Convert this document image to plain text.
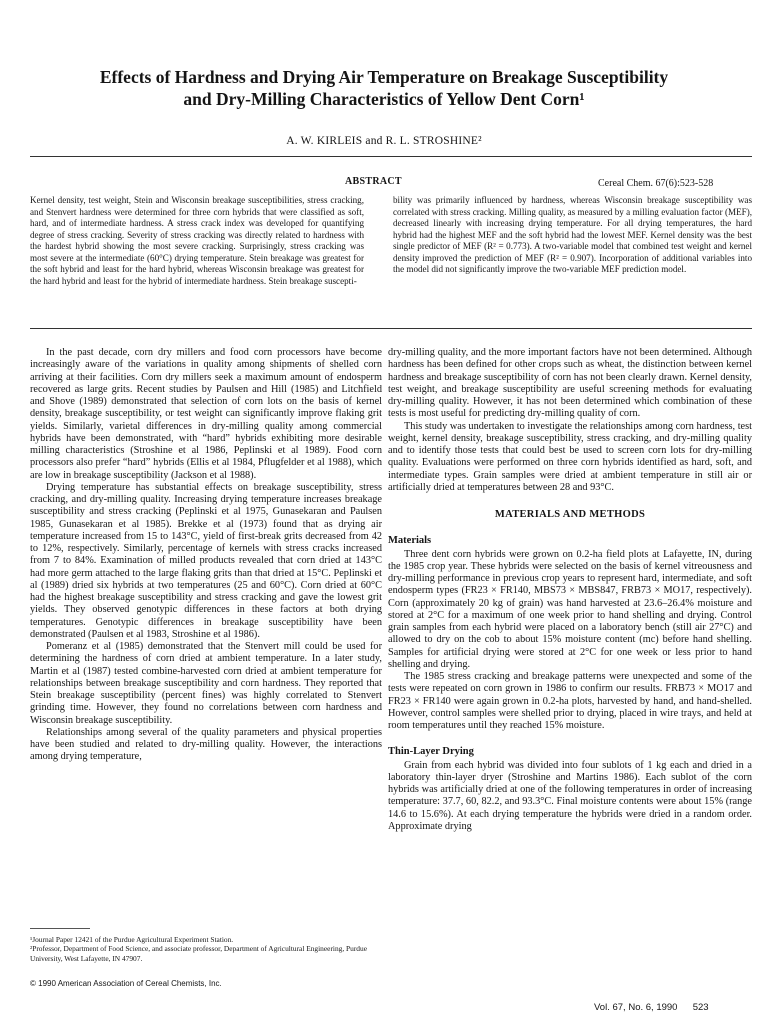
Effects of Hardness and Drying Air Temperature on Breakage Susceptibility
and Dry-Milling Characteristics of Yellow Dent Corn¹
A. W. KIRLEIS and R. L. STROSHINE²
ABSTRACT	Cereal Chem. 67(6):523-528
Kernel density, test weight, Stein and Wisconsin breakage susceptibilities, stress cracking, and Stenvert hardness were determined for three corn hybrids that were classified as soft, hard, and of intermediate hardness. A stress crack index was developed for quantifying degree of stress cracking. Severity of stress cracking was directly related to hardness with the hardest hybrid showing the most severe cracking. Surprisingly, stress cracking was most severe at the intermediate (60°C) drying temperature. Stein breakage was greatest for the soft hybrid and least for the hard hybrid, whereas Wisconsin breakage was greatest for the hard hybrid and least for the hybrid of intermediate hardness. Stein breakage suscepti-
bility was primarily influenced by hardness, whereas Wisconsin breakage susceptibility was correlated with stress cracking. Milling quality, as measured by a milling evaluation factor (MEF), decreased linearly with increasing drying temperature. For all drying temperatures, the hard hybrid had the highest MEF and the soft hybrid had the lowest MEF. Kernel density was the best single predictor of MEF (R² = 0.773). A two-variable model that combined test weight and kernel density improved the prediction of MEF (R² = 0.907). Incorporation of additional variables into the model did not significantly improve the two-variable MEF prediction model.

In the past decade, corn dry millers and food corn processors have become increasingly aware of the variations in quality among shipments of shelled corn arriving at their facilities. Corn dry millers seek a maximum amount of endosperm recovered as large grits. Recent studies by Paulsen and Hill (1985) and Litchfield and Shove (1989) demonstrated that selection of corn lots on the basis of kernel density, breakage susceptibility, or test weight can significantly improve flaking grit yields. Similarly, varietal differences in dry-milling quality among commercial hybrids have been demonstrated, with “hard” hybrids exhibiting more desirable milling characteristics (Stroshine et al 1986, Peplinski et al 1989). Food corn processors also prefer “hard” hybrids (Ellis et al 1984, Pflugfelder et al 1988), which are low in breakage susceptibility (Jackson et al 1988).

Drying temperature has substantial effects on breakage susceptibility, stress cracking, and dry-milling quality. Increasing drying temperature increases breakage susceptibility and stress cracking (Peplinski et al 1975, Gunasekaran and Paulsen 1985, Gunasekaran et al 1985). Brekke et al (1973) found that as drying air temperature increased from 15 to 143°C, yield of first-break grits decreased from 42 to 12%, respectively. Similarly, percentage of kernels with stress cracks increased from 7 to 84%. Examination of milled products revealed that corn dried at 143°C had more germ attached to the large flaking grits than that dried at 15°C. Peplinski et al (1989) dried six hybrids at two temperatures (25 and 60°C). Corn dried at 60°C had the highest breakage susceptibility and stress cracking and gave the lowest grit yields. They observed genotypic differences in these factors at both drying temperatures. Genotypic differences in breakage susceptibility have been demonstrated (Paulsen et al 1983, Stroshine et al 1986).

Pomeranz et al (1985) demonstrated that the Stenvert mill could be used for determining the hardness of corn dried at ambient temperature. In a later study, Martin et al (1987) tested combine-harvested corn dried at ambient temperature for relationships between breakage susceptibility and corn hardness. They reported that Stein breakage susceptibility (percent fines) was highly correlated to Stenvert grinding time. However, they found no correlations between corn hardness and Wisconsin breakage susceptibility.

Relationships among several of the quality parameters and physical properties have been studied and related to dry-milling quality. However, the interactions among drying temperature,

dry-milling quality, and the more important factors have not been determined. Although hardness has been defined for other crops such as wheat, the distinction between kernel hardness and breakage susceptibility of corn has not been clearly drawn. Kernel density, test weight, and breakage susceptibility are useful screening methods for evaluating dry-milling quality. However, it has not been determined which combination of these tests is most useful for predicting dry-milling quality of corn.

This study was undertaken to investigate the relationships among corn hardness, test weight, kernel density, breakage susceptibility, stress cracking, and dry-milling quality and to identify those tests that could best be used to screen corn lots for dry-milling quality. Evaluations were performed on three corn hybrids identified as hard, soft, and intermediate types. Grain samples were dried at ambient temperature in still air or artificially dried at temperatures between 28 and 93°C.

MATERIALS AND METHODS
Materials

Three dent corn hybrids were grown on 0.2-ha field plots at Lafayette, IN, during the 1985 crop year. These hybrids were selected on the basis of kernel vitreousness and dry-milling performance in previous crop years to represent hard, intermediate, and soft endosperm types (FR23 × FR140, MBS73 × MBS847, FRB73 × MO17, respectively). Corn (approximately 20 kg of grain) was hand harvested at 23.6–26.4% moisture and stored at 2°C for a maximum of one week prior to hand shelling and drying. Control grain samples from each hybrid were placed on a laboratory bench (still air 27°C) and allowed to dry on the cob to about 15% moisture content (mc) before hand shelling. Samples for artificial drying were stored at 2°C for one week or less prior to hand shelling and drying.

The 1985 stress cracking and breakage patterns were unexpected and some of the tests were repeated on corn grown in 1986 to confirm our results. FRB73 × MO17 and FR23 × FR140 were again grown in 0.2-ha plots, harvested by hand, and hand-shelled. However, control samples were shelled prior to drying, placed in wire trays, and held at room temperatures until they reached 15% moisture.

Thin-Layer Drying

Grain from each hybrid was divided into four sublots of 1 kg each and dried in a laboratory thin-layer dryer (Stroshine and Martins 1986). Each sublot of the corn hybrids was artificially dried at one of the following temperatures in order of increasing temperature: 37.7, 60, 82.2, and 93.3°C. Final moisture contents were about 15% (range 14.6 to 15.6%). At each drying temperature the hybrids were dried in a random order. Approximate drying

¹Journal Paper 12421 of the Purdue Agricultural Experiment Station.
²Professor, Department of Food Science, and associate professor, Department of Agricultural Engineering, Purdue University, West Lafayette, IN 47907.
© 1990 American Association of Cereal Chemists, Inc.
Vol. 67, No. 6, 1990 523
